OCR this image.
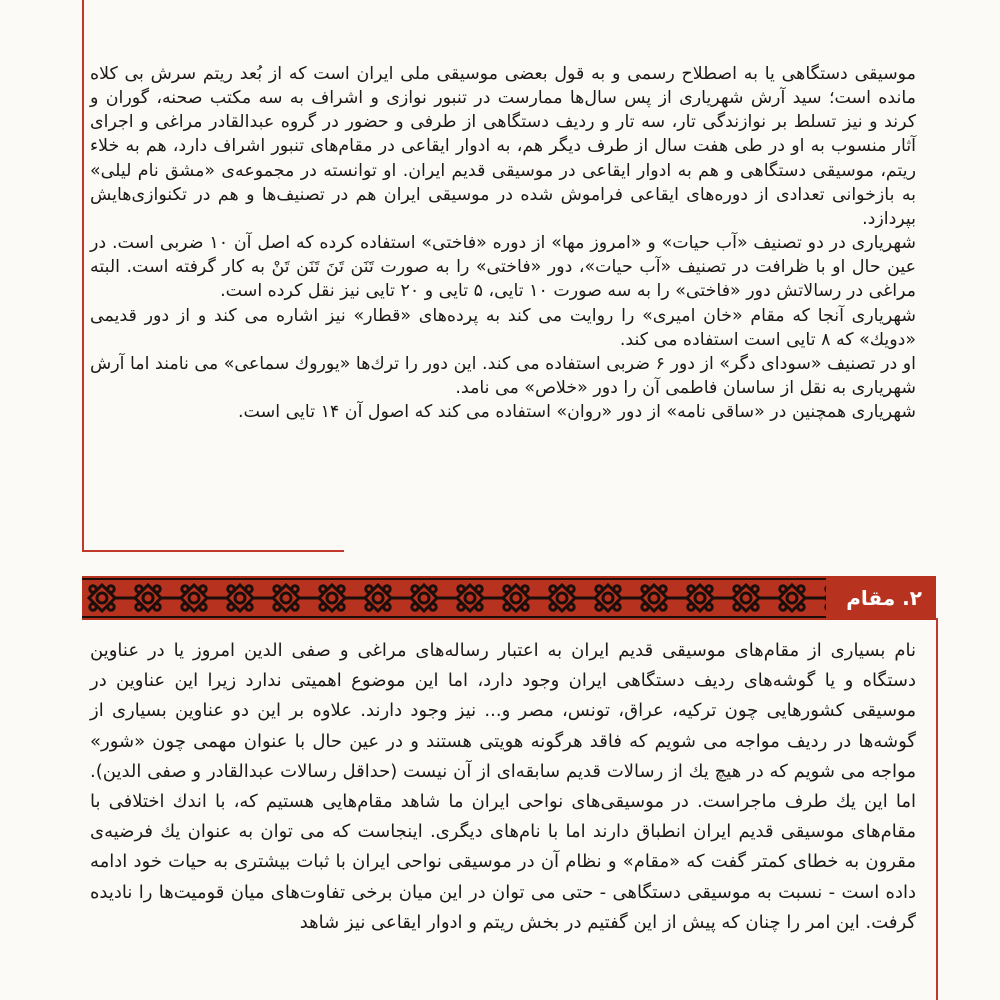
موسیقی دستگاهی یا به اصطلاح رسمی و به قول بعضی موسیقی ملی ایران است که از بُعد ریتم سرش بی کلاه مانده است؛ سید آرش شهریاری از پس سال‌ها ممارست در تنبور نوازی و اشراف به سه مکتب صحنه، گوران و کرند و نیز تسلط بر نوازندگی تار، سه تار و ردیف دستگاهی از طرفی و حضور در گروه عبدالقادر مراغی و اجرای آثار منسوب به او در طی هفت سال از طرف دیگر هم، به ادوار ایقاعی در مقام‌های تنبور اشراف دارد، هم به خلاء ریتم، موسیقی دستگاهی و هم به ادوار ایقاعی در موسیقی قدیم ایران. او توانسته در مجموعه‌ی «مشق نام لیلی» به بازخوانی تعدادی از دوره‌های ایقاعی فراموش شده در موسیقی ایران هم در تصنیف‌ها و هم در تکنوازی‌هایش بپردازد.

شهریاری در دو تصنیف «آب حیات» و «امروز مها» از دوره «فاختی» استفاده کرده که اصل آن ۱۰ ضربی است. در عین حال او با ظرافت در تصنیف «آب حیات»، دور «فاختی» را به صورت تَنَن تَنَ تَنَن تَنْ به کار گرفته است. البته مراغی در رسالاتش دور «فاختی» را به سه صورت ۱۰ تایی، ۵ تایی و ۲۰ تایی نیز نقل کرده است.

شهریاری آنجا که مقام «خان امیری» را روایت می کند به پرده‌های «قطار» نیز اشاره می کند و از دور قدیمی «دویك» که ۸ تایی است استفاده می کند.

او در تصنیف «سودای دگر» از دور ۶ ضربی استفاده می کند. این دور را ترك‌ها «یوروك سماعی» می نامند اما آرش شهریاری به نقل از ساسان فاطمی آن را دور «خلاص» می نامد.

شهریاری همچنین در «ساقی نامه» از دور «روان» استفاده می کند که اصول آن ۱۴ تایی است.

۲. مقام

نام بسیاری از مقام‌های موسیقی قدیم ایران به اعتبار رساله‌های مراغی و صفی الدین امروز یا در عناوین دستگاه و یا گوشه‌های ردیف دستگاهی ایران وجود دارد، اما این موضوع اهمیتی ندارد زیرا این عناوین در موسیقی کشورهایی چون ترکیه، عراق، تونس، مصر و... نیز وجود دارند. علاوه بر این دو عناوین بسیاری از گوشه‌ها در ردیف مواجه می شویم که فاقد هرگونه هویتی هستند و در عین حال با عنوان مهمی چون «شور» مواجه می شویم که در هیچ یك از رسالات قدیم سابقه‌ای از آن نیست (حداقل رسالات عبدالقادر و صفی الدین). اما این یك طرف ماجراست. در موسیقی‌های نواحی ایران ما شاهد مقام‌هایی هستیم که، با اندك اختلافی با مقام‌های موسیقی قدیم ایران انطباق دارند اما با نام‌های دیگری. اینجاست که می توان به عنوان یك فرضیه‌ی مقرون به خطای کمتر گفت که «مقام» و نظام آن در موسیقی نواحی ایران با ثبات بیشتری به حیات خود ادامه داده است - نسبت به موسیقی دستگاهی - حتی می توان در این میان برخی تفاوت‌های میان قومیت‌ها را نادیده گرفت. این امر را چنان که پیش از این گفتیم در بخش ریتم و ادوار ایقاعی نیز شاهد
